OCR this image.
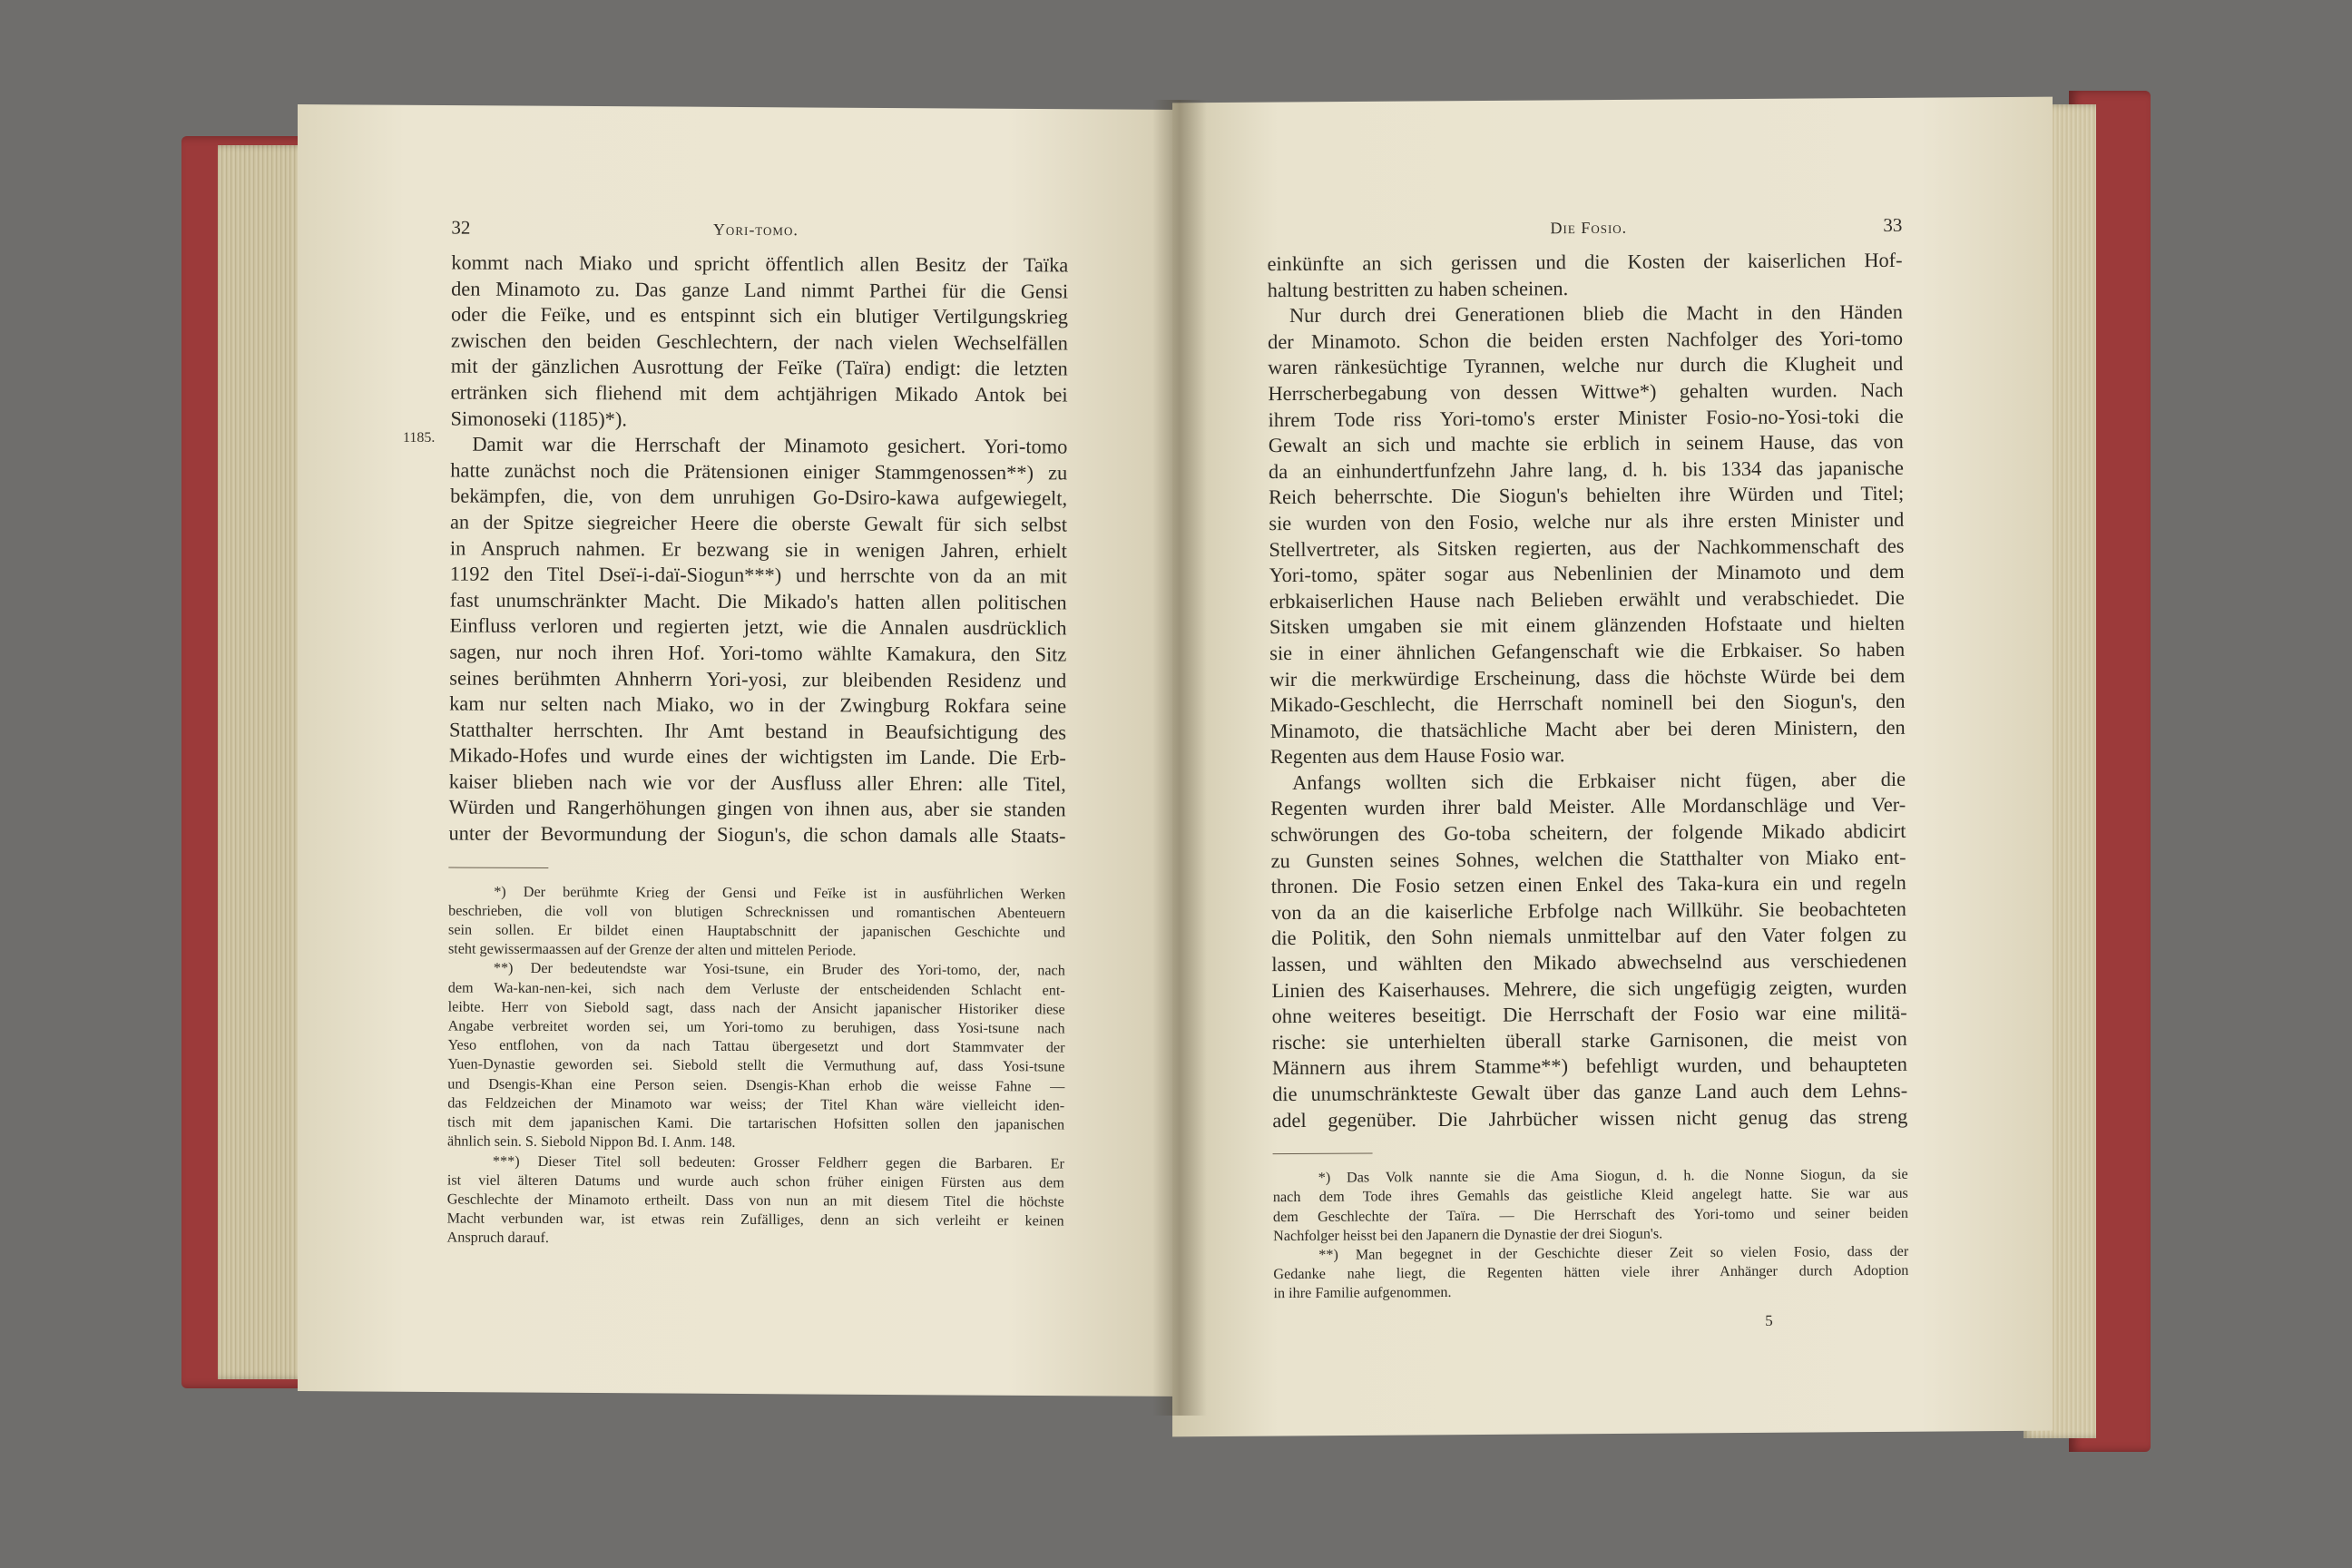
1185.
32	Yori-tomo.
kommt nach Miako und spricht öffentlich allen Besitz der Taïka
den Minamoto zu. Das ganze Land nimmt Parthei für die Gensi
oder die Feïke, und es entspinnt sich ein blutiger Vertilgungskrieg
zwischen den beiden Geschlechtern, der nach vielen Wechselfällen
mit der gänzlichen Ausrottung der Feïke (Taïra) endigt: die letzten
ertränken sich fliehend mit dem achtjährigen Mikado Antok bei
Simonoseki (1185)*).
Damit war die Herrschaft der Minamoto gesichert. Yori-tomo
hatte zunächst noch die Prätensionen einiger Stammgenossen**) zu
bekämpfen, die, von dem unruhigen Go-Dsiro-kawa aufgewiegelt,
an der Spitze siegreicher Heere die oberste Gewalt für sich selbst
in Anspruch nahmen. Er bezwang sie in wenigen Jahren, erhielt
1192 den Titel Dseï-i-daï-Siogun***) und herrschte von da an mit
fast unumschränkter Macht. Die Mikado's hatten allen politischen
Einfluss verloren und regierten jetzt, wie die Annalen ausdrücklich
sagen, nur noch ihren Hof. Yori-tomo wählte Kamakura, den Sitz
seines berühmten Ahnherrn Yori-yosi, zur bleibenden Residenz und
kam nur selten nach Miako, wo in der Zwingburg Rokfara seine
Statthalter herrschten. Ihr Amt bestand in Beaufsichtigung des
Mikado-Hofes und wurde eines der wichtigsten im Lande. Die Erb-
kaiser blieben nach wie vor der Ausfluss aller Ehren: alle Titel,
Würden und Rangerhöhungen gingen von ihnen aus, aber sie standen
unter der Bevormundung der Siogun's, die schon damals alle Staats-
*) Der berühmte Krieg der Gensi und Feïke ist in ausführlichen Werken
beschrieben, die voll von blutigen Schrecknissen und romantischen Abenteuern
sein sollen. Er bildet einen Hauptabschnitt der japanischen Geschichte und
steht gewissermaassen auf der Grenze der alten und mittelen Periode.
**) Der bedeutendste war Yosi-tsune, ein Bruder des Yori-tomo, der, nach
dem Wa-kan-nen-kei, sich nach dem Verluste der entscheidenden Schlacht ent-
leibte. Herr von Siebold sagt, dass nach der Ansicht japanischer Historiker diese
Angabe verbreitet worden sei, um Yori-tomo zu beruhigen, dass Yosi-tsune nach
Yeso entflohen, von da nach Tattau übergesetzt und dort Stammvater der
Yuen-Dynastie geworden sei. Siebold stellt die Vermuthung auf, dass Yosi-tsune
und Dsengis-Khan eine Person seien. Dsengis-Khan erhob die weisse Fahne —
das Feldzeichen der Minamoto war weiss; der Titel Khan wäre vielleicht iden-
tisch mit dem japanischen Kami. Die tartarischen Hofsitten sollen den japanischen
ähnlich sein. S. Siebold Nippon Bd. I. Anm. 148.
***) Dieser Titel soll bedeuten: Grosser Feldherr gegen die Barbaren. Er
ist viel älteren Datums und wurde auch schon früher einigen Fürsten aus dem
Geschlechte der Minamoto ertheilt. Dass von nun an mit diesem Titel die höchste
Macht verbunden war, ist etwas rein Zufälliges, denn an sich verleiht er keinen
Anspruch darauf.
Die Fosio.	33
einkünfte an sich gerissen und die Kosten der kaiserlichen Hof-
haltung bestritten zu haben scheinen.
Nur durch drei Generationen blieb die Macht in den Händen
der Minamoto. Schon die beiden ersten Nachfolger des Yori-tomo
waren ränkesüchtige Tyrannen, welche nur durch die Klugheit und
Herrscherbegabung von dessen Wittwe*) gehalten wurden. Nach
ihrem Tode riss Yori-tomo's erster Minister Fosio-no-Yosi-toki die
Gewalt an sich und machte sie erblich in seinem Hause, das von
da an einhundertfunfzehn Jahre lang, d. h. bis 1334 das japanische
Reich beherrschte. Die Siogun's behielten ihre Würden und Titel;
sie wurden von den Fosio, welche nur als ihre ersten Minister und
Stellvertreter, als Sitsken regierten, aus der Nachkommenschaft des
Yori-tomo, später sogar aus Nebenlinien der Minamoto und dem
erbkaiserlichen Hause nach Belieben erwählt und verabschiedet. Die
Sitsken umgaben sie mit einem glänzenden Hofstaate und hielten
sie in einer ähnlichen Gefangenschaft wie die Erbkaiser. So haben
wir die merkwürdige Erscheinung, dass die höchste Würde bei dem
Mikado-Geschlecht, die Herrschaft nominell bei den Siogun's, den
Minamoto, die thatsächliche Macht aber bei deren Ministern, den
Regenten aus dem Hause Fosio war.
Anfangs wollten sich die Erbkaiser nicht fügen, aber die
Regenten wurden ihrer bald Meister. Alle Mordanschläge und Ver-
schwörungen des Go-toba scheitern, der folgende Mikado abdicirt
zu Gunsten seines Sohnes, welchen die Statthalter von Miako ent-
thronen. Die Fosio setzen einen Enkel des Taka-kura ein und regeln
von da an die kaiserliche Erbfolge nach Willkühr. Sie beobachteten
die Politik, den Sohn niemals unmittelbar auf den Vater folgen zu
lassen, und wählten den Mikado abwechselnd aus verschiedenen
Linien des Kaiserhauses. Mehrere, die sich ungefügig zeigten, wurden
ohne weiteres beseitigt. Die Herrschaft der Fosio war eine militä-
rische: sie unterhielten überall starke Garnisonen, die meist von
Männern aus ihrem Stamme**) befehligt wurden, und behaupteten
die unumschränkteste Gewalt über das ganze Land auch dem Lehns-
adel gegenüber. Die Jahrbücher wissen nicht genug das streng
*) Das Volk nannte sie die Ama Siogun, d. h. die Nonne Siogun, da sie
nach dem Tode ihres Gemahls das geistliche Kleid angelegt hatte. Sie war aus
dem Geschlechte der Taïra. — Die Herrschaft des Yori-tomo und seiner beiden
Nachfolger heisst bei den Japanern die Dynastie der drei Siogun's.
**) Man begegnet in der Geschichte dieser Zeit so vielen Fosio, dass der
Gedanke nahe liegt, die Regenten hätten viele ihrer Anhänger durch Adoption
in ihre Familie aufgenommen.
5
